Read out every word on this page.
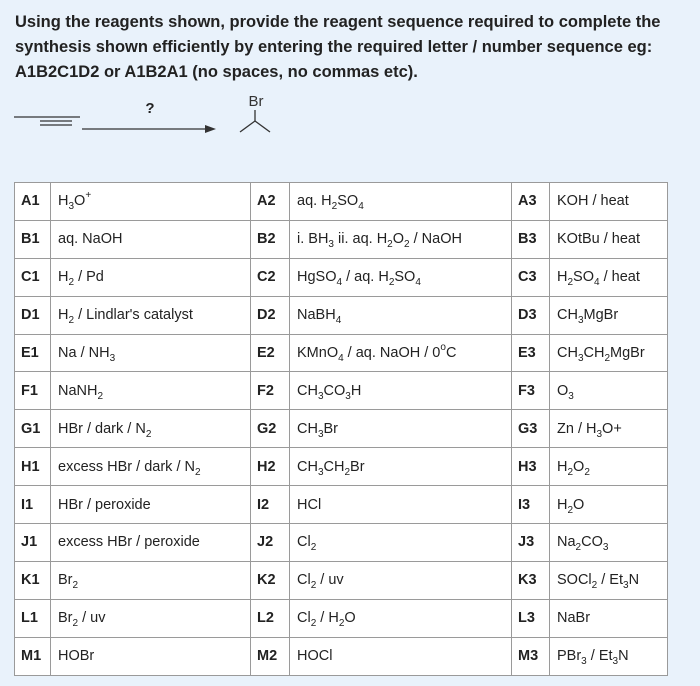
Using the reagents shown, provide the reagent sequence required to complete the synthesis shown efficiently by entering the required letter / number sequence eg: A1B2C1D2 or A1B2A1 (no spaces, no commas etc).
?	Br
A1	$H_3O^+$	A2	aq. $H_2SO_4$	A3	KOH / heat
B1	aq. NaOH	B2	i. $BH_3$ ii. aq. $H_2O_2$ / NaOH	B3	KOtBu / heat
C1	$H_2$ / Pd	C2	HgSO$_4$ / aq. $H_2SO_4$	C3	$H_2SO_4$ / heat
D1	$H_2$ / Lindlar's catalyst	D2	NaBH$_4$	D3	$CH_3MgBr$
E1	Na / $NH_3$	E2	KMnO$_4$ / aq. NaOH / 0$^o$C	E3	$CH_3CH_2MgBr$
F1	NaNH$_2$	F2	$CH_3CO_3H$	F3	$O_3$
G1	HBr / dark / $N_2$	G2	$CH_3Br$	G3	$Zn / H_3O+$
H1	excess HBr / dark / $N_2$	H2	$CH_3CH_2Br$	H3	$H_2O_2$
I1	HBr / peroxide	I2	HCl	I3	$H_2O$
J1	excess HBr / peroxide	J2	$Cl_2$	J3	$Na_2CO_3$
K1	$Br_2$	K2	$Cl_2$ / uv	K3	SOCl$_2$ / $Et_3N$
L1	$Br_2$ / uv	L2	$Cl_2 / H_2O$	L3	NaBr
M1	HOBr	M2	HOCl	M3	$PBr_3 / Et_3N$
